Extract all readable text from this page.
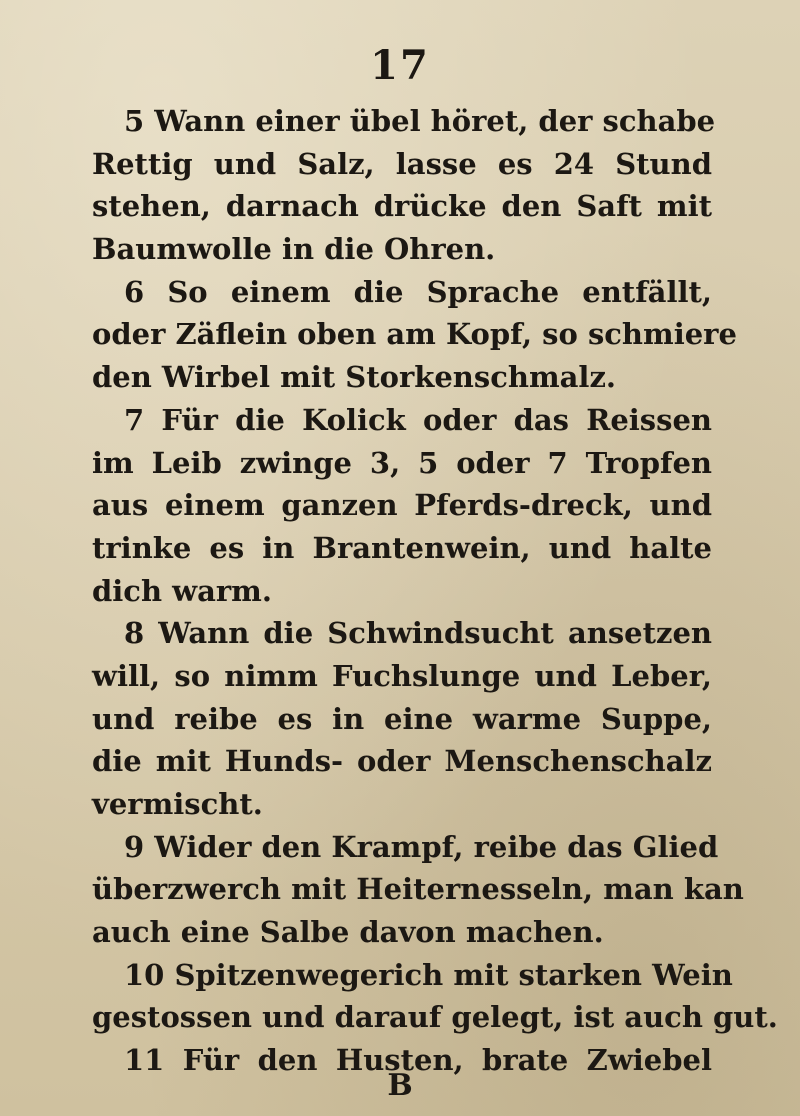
17
5 Wann einer übel höret, der schabe
Rettig und Salz, lasse es 24 Stund
stehen, darnach drücke den Saft mit
Baumwolle in die Ohren.
6 So einem die Sprache entfällt,
oder Zäflein oben am Kopf, so schmiere
den Wirbel mit Storkenschmalz.
7 Für die Kolick oder das Reissen
im Leib zwinge 3, 5 oder 7 Tropfen
aus einem ganzen Pferds-dreck, und
trinke es in Brantenwein, und halte
dich warm.
8 Wann die Schwindsucht ansetzen
will, so nimm Fuchslunge und Leber,
und reibe es in eine warme Suppe,
die mit Hunds- oder Menschenschalz
vermischt.
9 Wider den Krampf, reibe das Glied
überzwerch mit Heiternesseln, man kan
auch eine Salbe davon machen.
10 Spitzenwegerich mit starken Wein
gestossen und darauf gelegt, ist auch gut.
11 Für den Husten, brate Zwiebel
B
